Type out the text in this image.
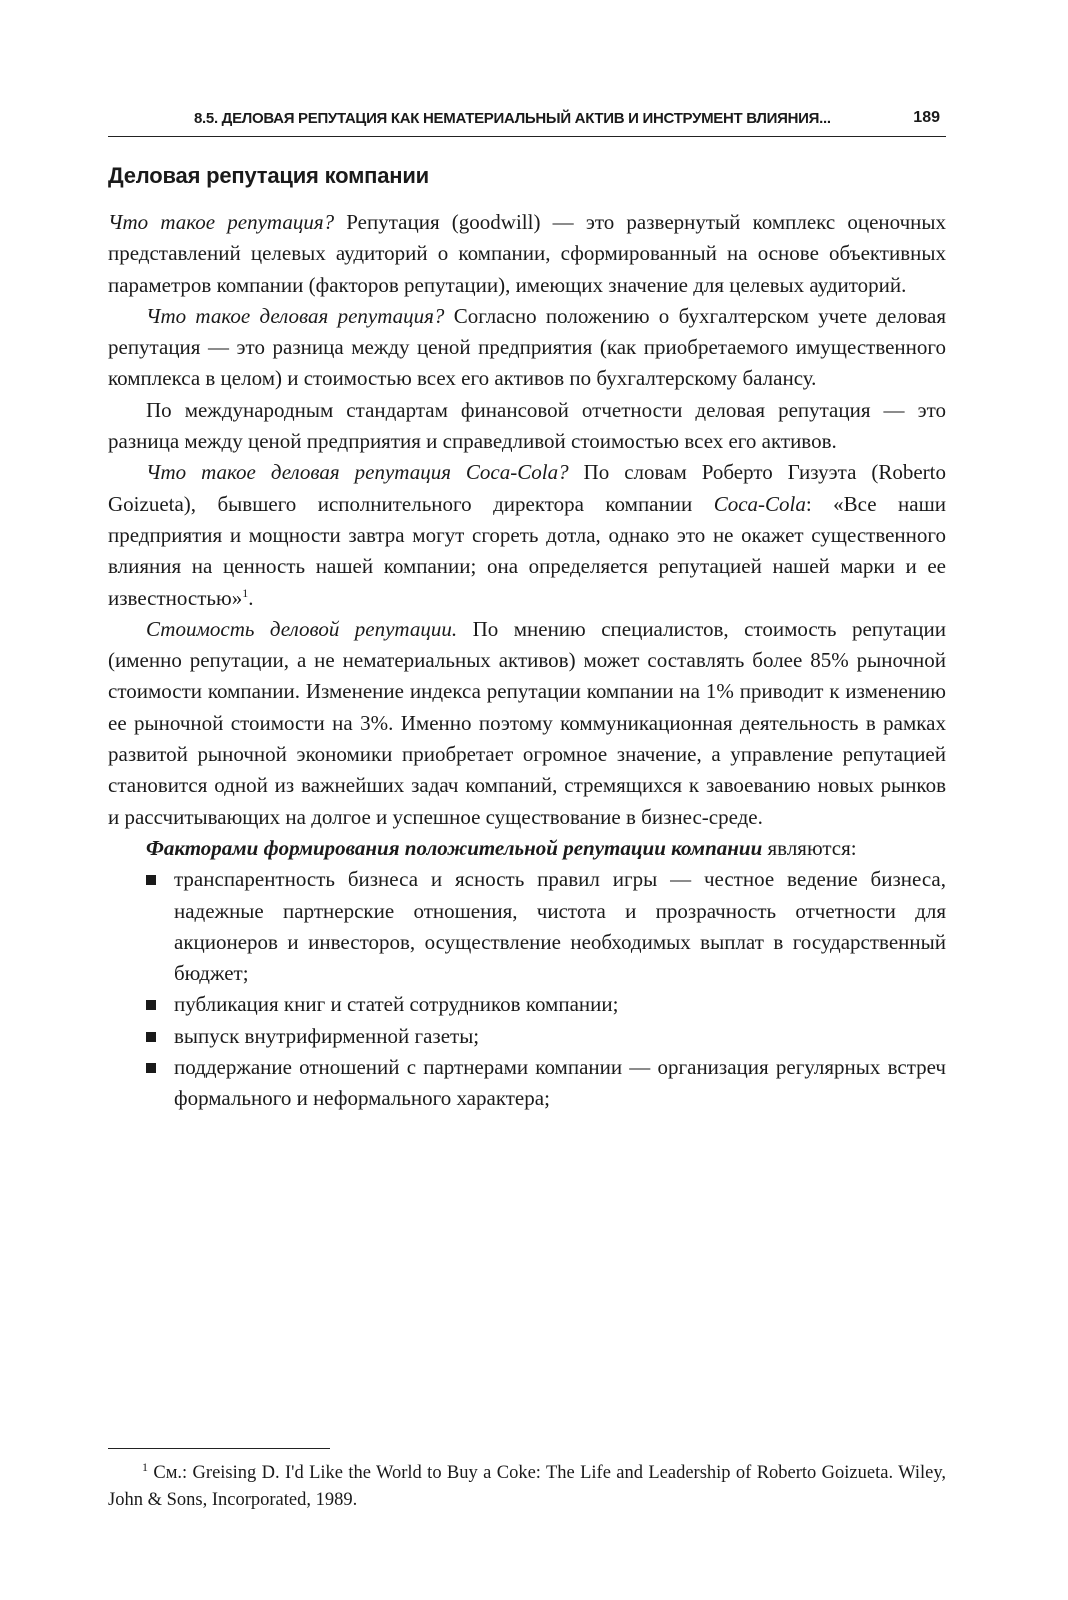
8.5. ДЕЛОВАЯ РЕПУТАЦИЯ КАК НЕМАТЕРИАЛЬНЫЙ АКТИВ И ИНСТРУМЕНТ ВЛИЯНИЯ...	189
Деловая репутация компании

Что такое репутация? Репутация (goodwill) — это развернутый комплекс оценочных представлений целевых аудиторий о компании, сформированный на основе объективных параметров компании (факторов репутации), имеющих значение для целевых аудиторий.

Что такое деловая репутация? Согласно положению о бухгалтерском учете деловая репутация — это разница между ценой предприятия (как приобретаемого имущественного комплекса в целом) и стоимостью всех его активов по бухгалтерскому балансу.

По международным стандартам финансовой отчетности деловая репутация — это разница между ценой предприятия и справедливой стоимостью всех его активов.

Что такое деловая репутация Coca-Cola? По словам Роберто Гизуэта (Roberto Goizueta), бывшего исполнительного директора компании Coca-Cola: «Все наши предприятия и мощности завтра могут сгореть дотла, однако это не окажет существенного влияния на ценность нашей компании; она определяется репутацией нашей марки и ее известностью»$^1$.

Стоимость деловой репутации. По мнению специалистов, стоимость репутации (именно репутации, а не нематериальных активов) может составлять более 85% рыночной стоимости компании. Изменение индекса репутации компании на 1% приводит к изменению ее рыночной стоимости на 3%. Именно поэтому коммуникационная деятельность в рамках развитой рыночной экономики приобретает огромное значение, а управление репутацией становится одной из важнейших задач компаний, стремящихся к завоеванию новых рынков и рассчитывающих на долгое и успешное существование в бизнес-среде.

Факторами формирования положительной репутации компании являются:

транспарентность бизнеса и ясность правил игры — честное ведение бизнеса, надежные партнерские отношения, чистота и прозрачность отчетности для акционеров и инвесторов, осуществление необходимых выплат в государственный бюджет;
публикация книг и статей сотрудников компании;
выпуск внутрифирменной газеты;
поддержание отношений с партнерами компании — организация регулярных встреч формального и неформального характера;
$^1$ См.: Greising D. I'd Like the World to Buy a Coke: The Life and Leadership of Roberto Goizueta. Wiley, John & Sons, Incorporated, 1989.
